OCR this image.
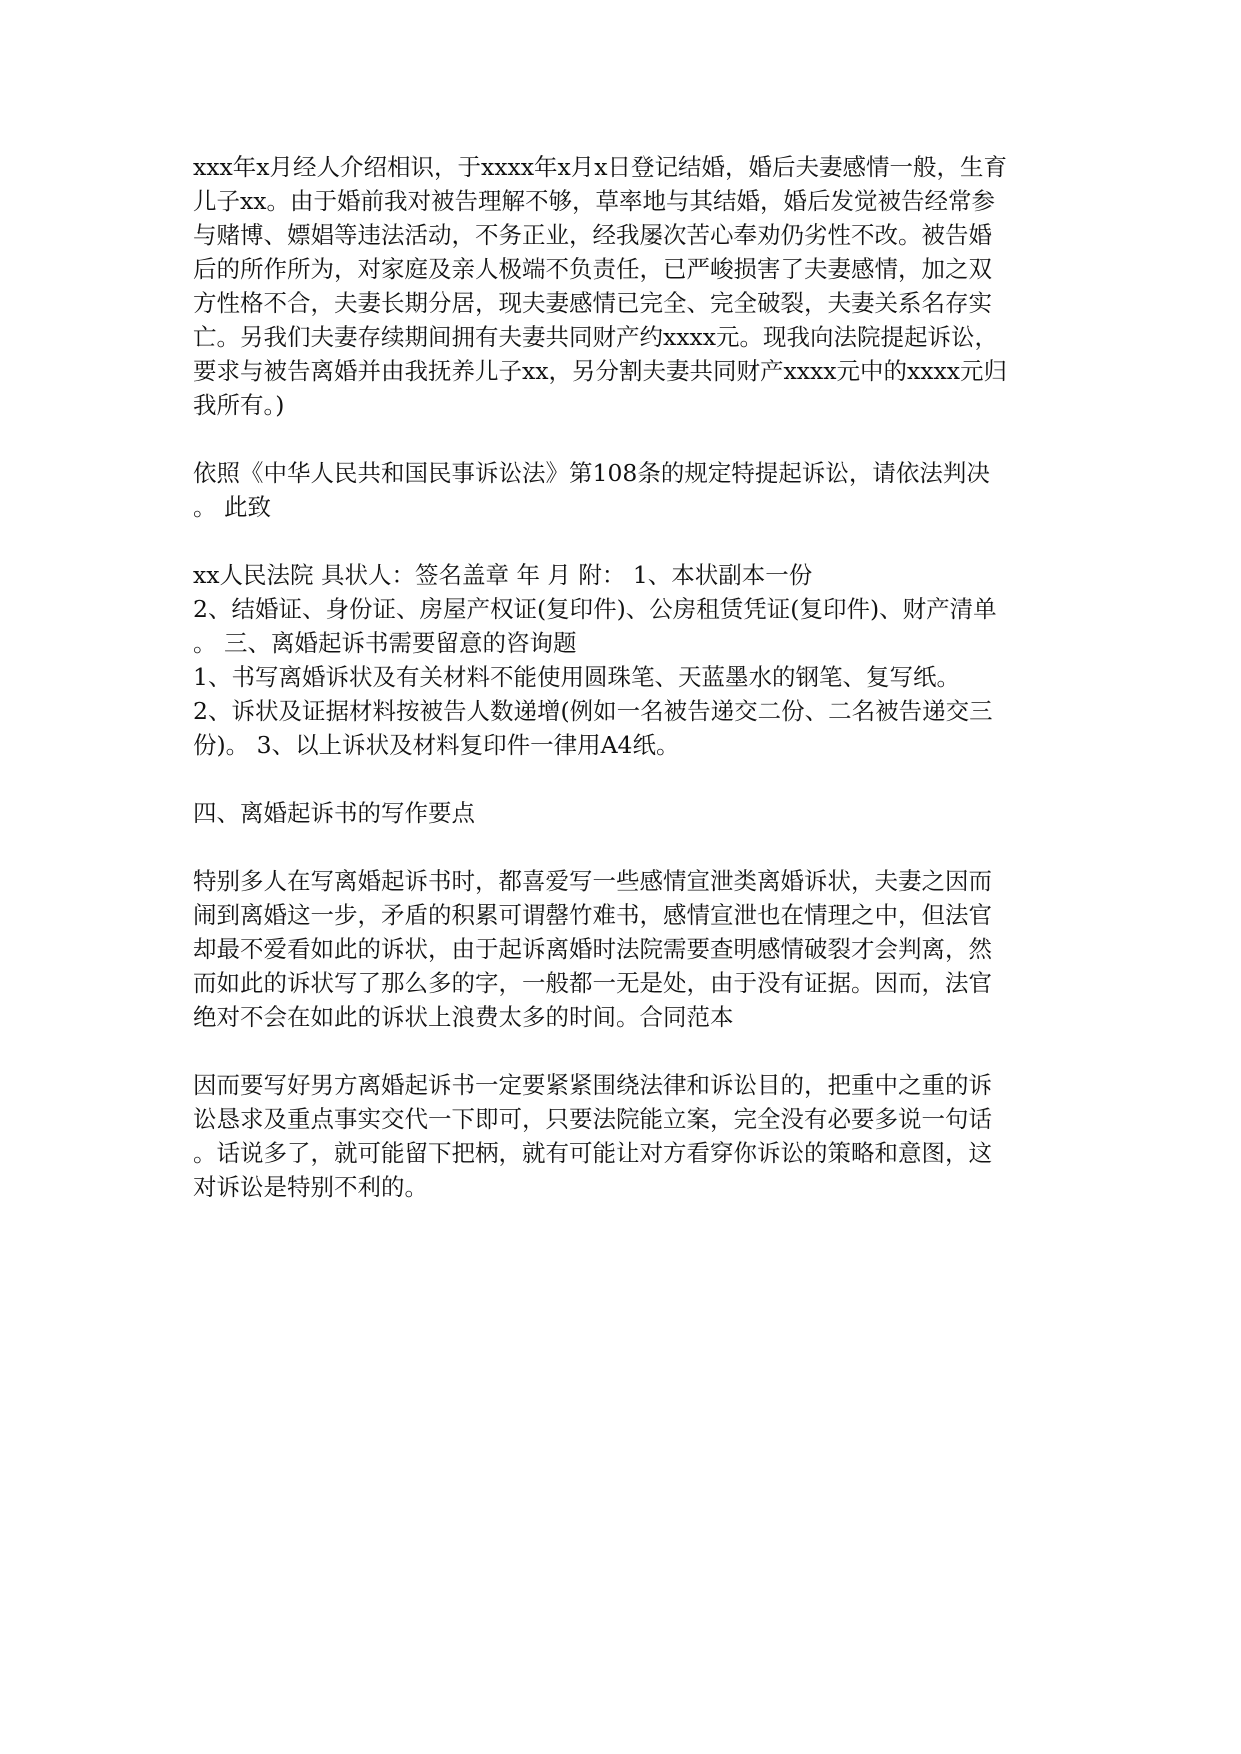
xxx年x月经人介绍相识，于xxxx年x月x日登记结婚，婚后夫妻感情一般，生育
儿子xx。由于婚前我对被告理解不够，草率地与其结婚，婚后发觉被告经常参
与赌博、嫖娼等违法活动，不务正业，经我屡次苦心奉劝仍劣性不改。被告婚
后的所作所为，对家庭及亲人极端不负责任，已严峻损害了夫妻感情，加之双
方性格不合，夫妻长期分居，现夫妻感情已完全、完全破裂，夫妻关系名存实
亡。另我们夫妻存续期间拥有夫妻共同财产约xxxx元。现我向法院提起诉讼，
要求与被告离婚并由我抚养儿子xx，另分割夫妻共同财产xxxx元中的xxxx元归
我所有。)
依照《中华人民共和国民事诉讼法》第108条的规定特提起诉讼，请依法判决
。 此致
xx人民法院 具状人：签名盖章 年 月 附： 1、本状副本一份
2、结婚证、身份证、房屋产权证(复印件)、公房租赁凭证(复印件)、财产清单
。 三、离婚起诉书需要留意的咨询题
1、书写离婚诉状及有关材料不能使用圆珠笔、天蓝墨水的钢笔、复写纸。
2、诉状及证据材料按被告人数递增(例如一名被告递交二份、二名被告递交三
份)。 3、以上诉状及材料复印件一律用A4纸。
四、离婚起诉书的写作要点
特别多人在写离婚起诉书时，都喜爱写一些感情宣泄类离婚诉状，夫妻之因而
闹到离婚这一步，矛盾的积累可谓罄竹难书，感情宣泄也在情理之中，但法官
却最不爱看如此的诉状，由于起诉离婚时法院需要查明感情破裂才会判离，然
而如此的诉状写了那么多的字，一般都一无是处，由于没有证据。因而，法官
绝对不会在如此的诉状上浪费太多的时间。合同范本
因而要写好男方离婚起诉书一定要紧紧围绕法律和诉讼目的，把重中之重的诉
讼恳求及重点事实交代一下即可，只要法院能立案，完全没有必要多说一句话
。话说多了，就可能留下把柄，就有可能让对方看穿你诉讼的策略和意图，这
对诉讼是特别不利的。
